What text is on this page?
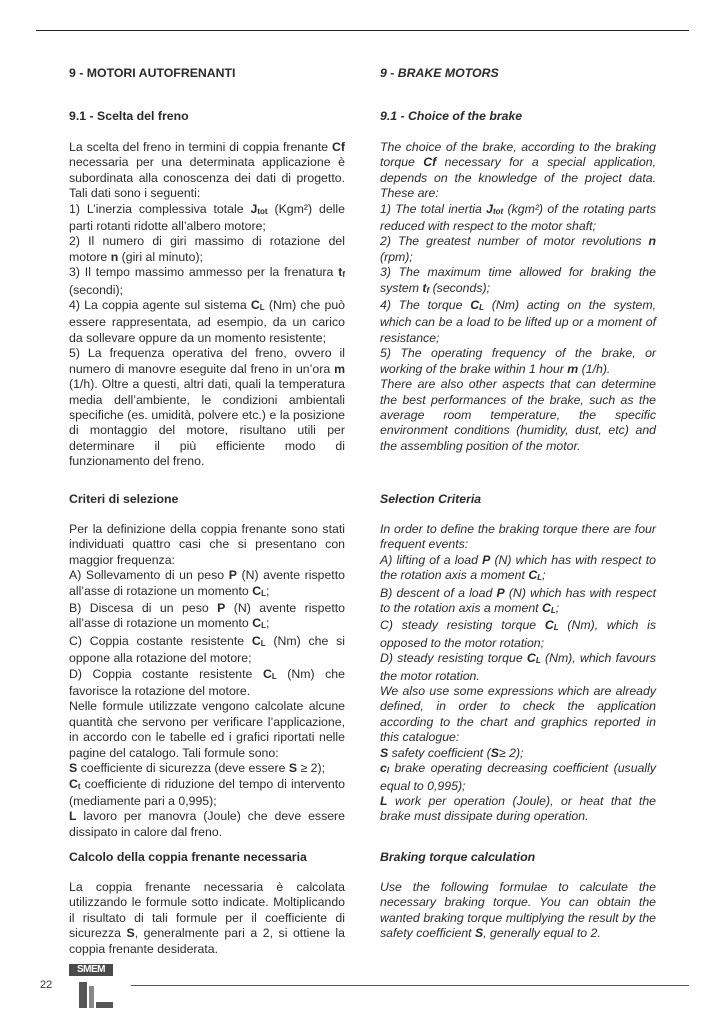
9 - MOTORI AUTOFRENANTI

9.1 - Scelta del freno

La scelta del freno in termini di coppia frenante Cf necessaria per una determinata applicazione è subordinata alla conoscenza dei dati di progetto. Tali dati sono i seguenti:

1) L’inerzia complessiva totale $J_{tot}$ (Kgm²) delle parti rotanti ridotte all’albero motore;

2) Il numero di giri massimo di rotazione del motore n (giri al minuto);

3) Il tempo massimo ammesso per la frenatura $t_f$ (secondi);

4) La coppia agente sul sistema $C_L$ (Nm) che può essere rappresentata, ad esempio, da un carico da sollevare oppure da un momento resistente;

5) La frequenza operativa del freno, ovvero il numero di manovre eseguite dal freno in un’ora m (1/h). Oltre a questi, altri dati, quali la temperatura media dell’ambiente, le condizioni ambientali specifiche (es. umidità, polvere etc.) e la posizione di montaggio del motore, risultano utili per determinare il più efficiente modo di funzionamento del freno.

Criteri di selezione

Per la definizione della coppia frenante sono stati individuati quattro casi che si presentano con maggior frequenza:

A) Sollevamento di un peso P (N) avente rispetto all’asse di rotazione un momento $C_L$;

B) Discesa di un peso P (N) avente rispetto all’asse di rotazione un momento $C_L$;

C) Coppia costante resistente $C_L$ (Nm) che si oppone alla rotazione del motore;

D) Coppia costante resistente $C_L$ (Nm) che favorisce la rotazione del motore.

Nelle formule utilizzate vengono calcolate alcune quantità che servono per verificare l’applicazione, in accordo con le tabelle ed i grafici riportati nelle pagine del catalogo. Tali formule sono:

S coefficiente di sicurezza (deve essere S ≥ 2);

$C_t$ coefficiente di riduzione del tempo di intervento (mediamente pari a 0,995);

L lavoro per manovra (Joule) che deve essere dissipato in calore dal freno.

Calcolo della coppia frenante necessaria

La coppia frenante necessaria è calcolata utilizzando le formule sotto indicate. Moltiplicando il risultato di tali formule per il coefficiente di sicurezza S, generalmente pari a 2, si ottiene la coppia frenante desiderata.

9 - BRAKE MOTORS

9.1 - Choice of the brake

The choice of the brake, according to the braking torque Cf necessary for a special application, depends on the knowledge of the project data. These are:

1) The total inertia $J_{tot}$ (kgm²) of the rotating parts reduced with respect to the motor shaft;

2) The greatest number of motor revolutions n (rpm);

3) The maximum time allowed for braking the system $t_f$ (seconds);

4) The torque $C_L$ (Nm) acting on the system, which can be a load to be lifted up or a moment of resistance;

5) The operating frequency of the brake, or working of the brake within 1 hour m (1/h).

There are also other aspects that can determine the best performances of the brake, such as the average room temperature, the specific environment conditions (humidity, dust, etc) and the assembling position of the motor.

Selection Criteria

In order to define the braking torque there are four frequent events:

A) lifting of a load P (N) which has with respect to the rotation axis a moment $C_L$;

B) descent of a load P (N) which has with respect to the rotation axis a moment $C_L$;

C) steady resisting torque $C_L$ (Nm), which is opposed to the motor rotation;

D) steady resisting torque $C_L$ (Nm), which favours the motor rotation.

We also use some expressions which are already defined, in order to check the application according to the chart and graphics reported in this catalogue:

S safety coefficient (S≥ 2);

$c_l$ brake operating decreasing coefficient (usually equal to 0,995);

L work per operation (Joule), or heat that the brake must dissipate during operation.

Braking torque calculation

Use the following formulae to calculate the necessary braking torque. You can obtain the wanted braking torque multiplying the result by the safety coefficient S, generally equal to 2.

22
SMEM
